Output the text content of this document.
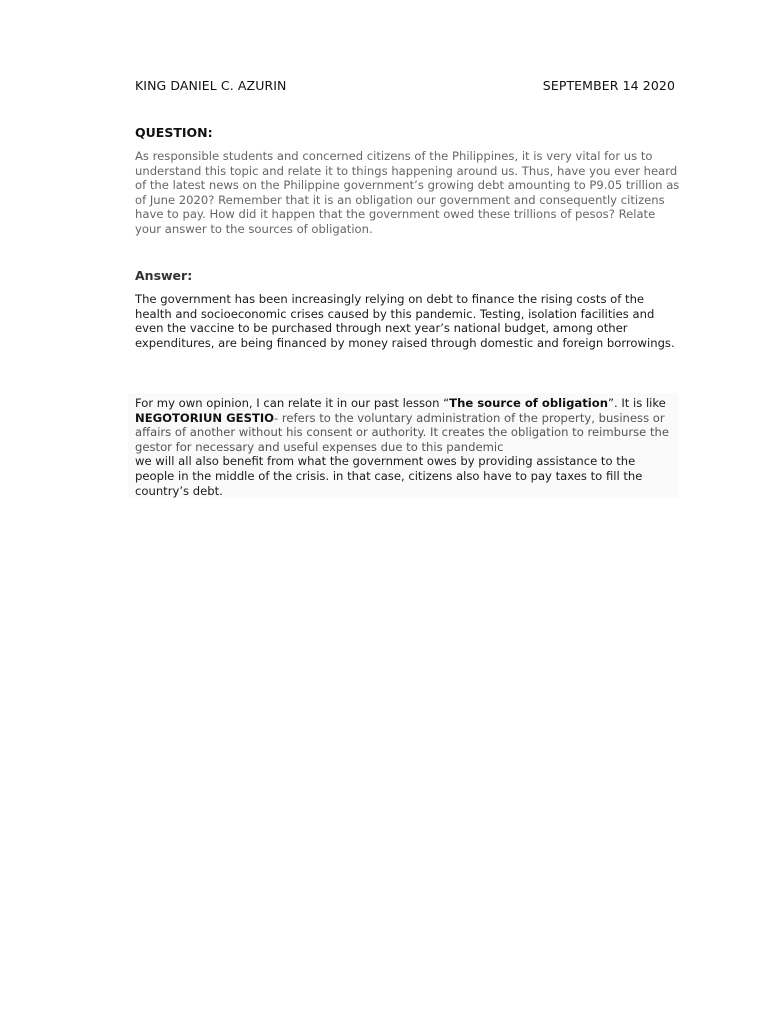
KING DANIEL C. AZURIN	SEPTEMBER 14 2020
QUESTION:
As responsible students and concerned citizens of the Philippines, it is very vital for us to understand this topic and relate it to things happening around us. Thus, have you ever heard of the latest news on the Philippine government’s growing debt amounting to P9.05 trillion as of June 2020? Remember that it is an obligation our government and consequently citizens have to pay. How did it happen that the government owed these trillions of pesos? Relate your answer to the sources of obligation.
Answer:
The government has been increasingly relying on debt to finance the rising costs of the health and socioeconomic crises caused by this pandemic. Testing, isolation facilities and even the vaccine to be purchased through next year’s national budget, among other expenditures, are being financed by money raised through domestic and foreign borrowings.
For my own opinion, I can relate it in our past lesson “The source of obligation”. It is like NEGOTORIUN GESTIO- refers to the voluntary administration of the property, business or affairs of another without his consent or authority. It creates the obligation to reimburse the gestor for necessary and useful expenses due to this pandemic
we will all also benefit from what the government owes by providing assistance to the people in the middle of the crisis. in that case, citizens also have to pay taxes to fill the country’s debt.
